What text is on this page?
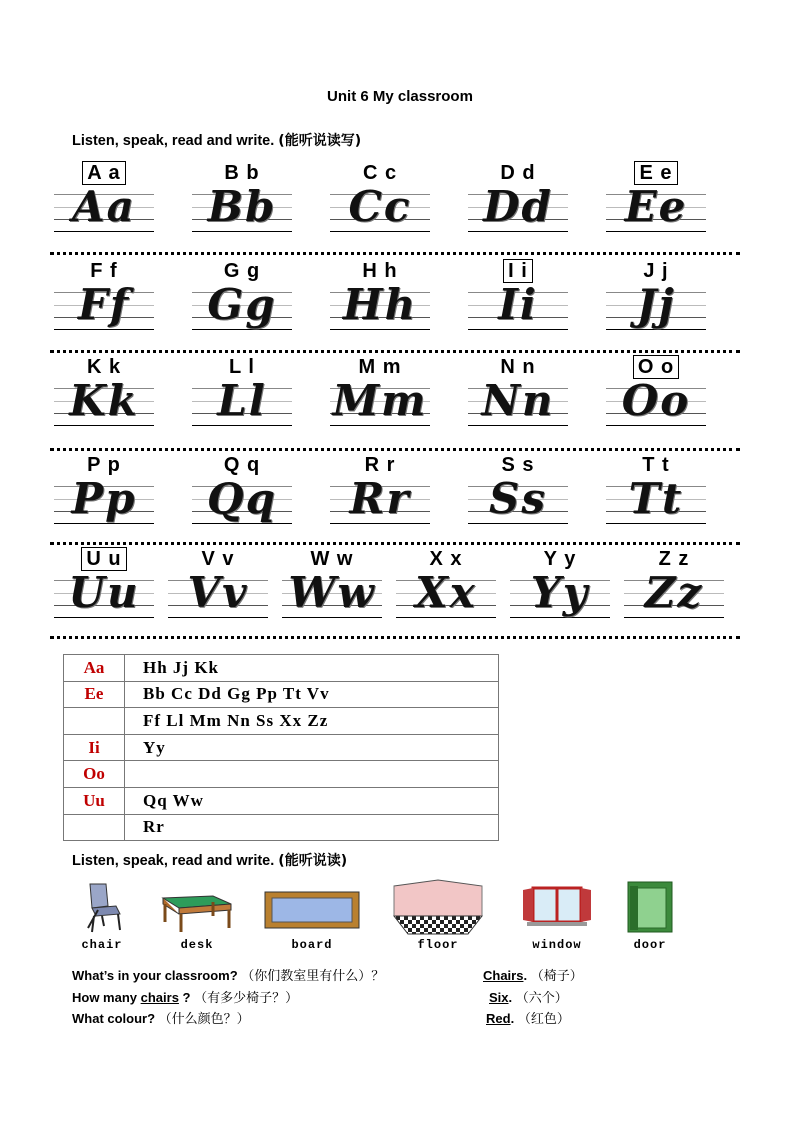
Unit 6 My classroom
Listen, speak, read and write. (能听说读写)
A a
Aa
B b
Bb
C c
Cc
D d
Dd
E e
Ee
F f
Ff
G g
Gg
H h
Hh
I i
Ii
J j
Jj
K k
Kk
L l
Ll
M m
Mm
N n
Nn
O o
Oo
P p
Pp
Q q
Qq
R r
Rr
S s
Ss
T t
Tt
U u
Uu
V v
Vv
W w
Ww
X x
Xx
Y y
Yy
Z z
Zz
Aa	Hh Jj Kk
Ee	Bb Cc Dd Gg Pp Tt Vv
	Ff Ll Mm Nn Ss Xx Zz
Ii	Yy
Oo	
Uu	Qq Ww
	Rr
Listen, speak, read and write. (能听说读)
chair	desk	board	floor	window	door
What’s in your classroom? （你们教室里有什么）？	Chairs. （椅子）
How many chairs ? （有多少椅子？）	Six. （六个）
What colour? （什么颜色？）	Red. （红色）
